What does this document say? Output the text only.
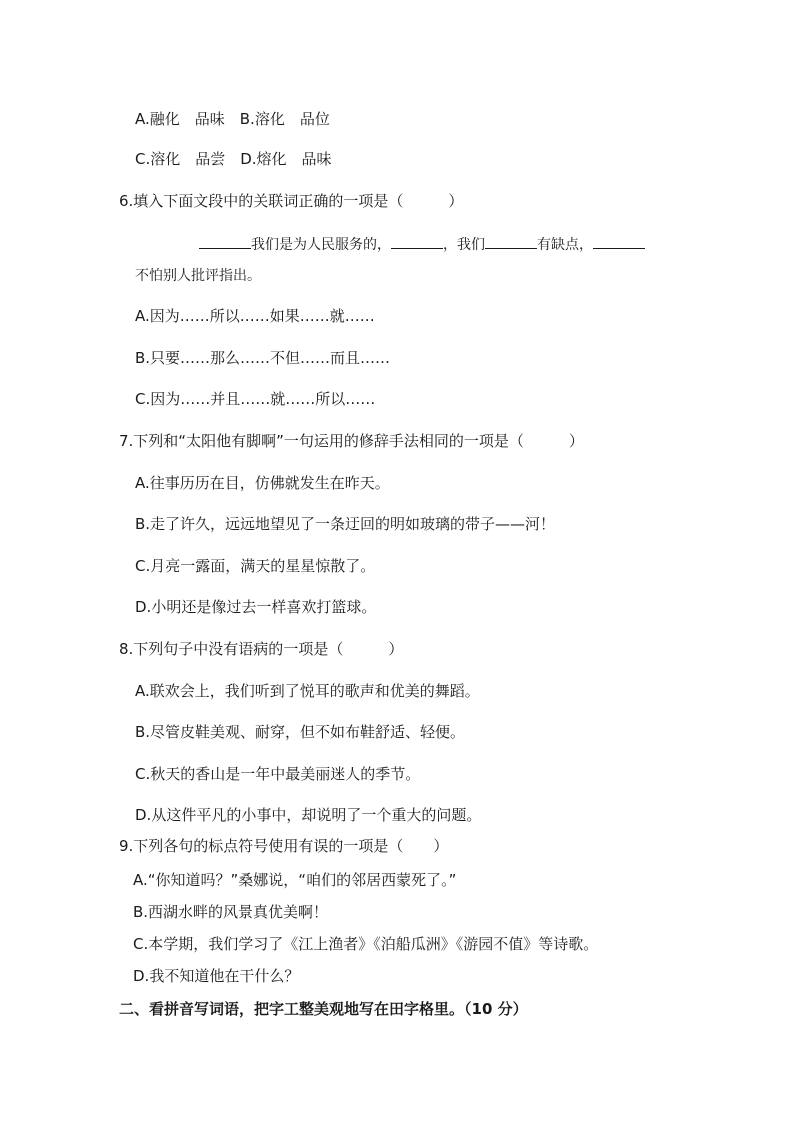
A.融化　品味　B.溶化　品位
C.溶化　品尝　D.熔化　品味
6.填入下面文段中的关联词正确的一项是（　　　）
我们是为人民服务的，	，我们	有缺点，
不怕别人批评指出。
A.因为……所以……如果……就……
B.只要……那么……不但……而且……
C.因为……并且……就……所以……
7.下列和“太阳他有脚啊”一句运用的修辞手法相同的一项是（　　　）
A.往事历历在目，仿佛就发生在昨天。
B.走了许久，远远地望见了一条迂回的明如玻璃的带子——河！
C.月亮一露面，满天的星星惊散了。
D.小明还是像过去一样喜欢打篮球。
8.下列句子中没有语病的一项是（　　　）
A.联欢会上，我们听到了悦耳的歌声和优美的舞蹈。
B.尽管皮鞋美观、耐穿，但不如布鞋舒适、轻便。
C.秋天的香山是一年中最美丽迷人的季节。
D.从这件平凡的小事中，却说明了一个重大的问题。
9.下列各句的标点符号使用有误的一项是（　　）
A.“你知道吗？”桑娜说，“咱们的邻居西蒙死了。”
B.西湖水畔的风景真优美啊！
C.本学期，我们学习了《江上渔者》《泊船瓜洲》《游园不值》等诗歌。
D.我不知道他在干什么？
二、看拼音写词语，把字工整美观地写在田字格里。（10 分）
